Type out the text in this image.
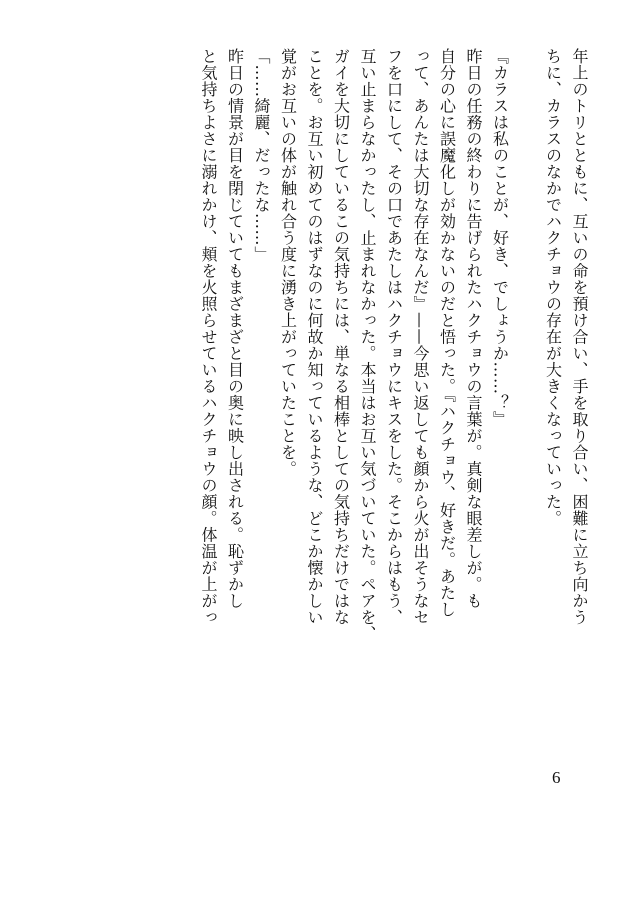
年上のトリとともに、互いの命を預け合い、手を取り合い、困難に立ち向かう
ちに、カラスのなかでハクチョウの存在が大きくなっていった。
『カラスは私のことが、好き、でしょうか……？』
昨日の任務の終わりに告げられたハクチョウの言葉が。真剣な眼差しが。も
自分の心に誤魔化しが効かないのだと悟った。『ハクチョウ、好きだ。あたし
って、あんたは大切な存在なんだ』——今思い返しても顔から火が出そうなセ
フを口にして、その口であたしはハクチョウにキスをした。そこからはもう、
互い止まらなかったし、止まれなかった。本当はお互い気づいていた。ペアを、
ガイを大切にしているこの気持ちには、単なる相棒としての気持ちだけではな
ことを。お互い初めてのはずなのに何故か知っているような、どこか懐かしい
覚がお互いの体が触れ合う度に湧き上がっていたことを。
「……綺麗、だったな……」
昨日の情景が目を閉じていてもまざまざと目の奥に映し出される。恥ずかし
と気持ちよさに溺れかけ、頬を火照らせているハクチョウの顔。体温が上がっ
6
